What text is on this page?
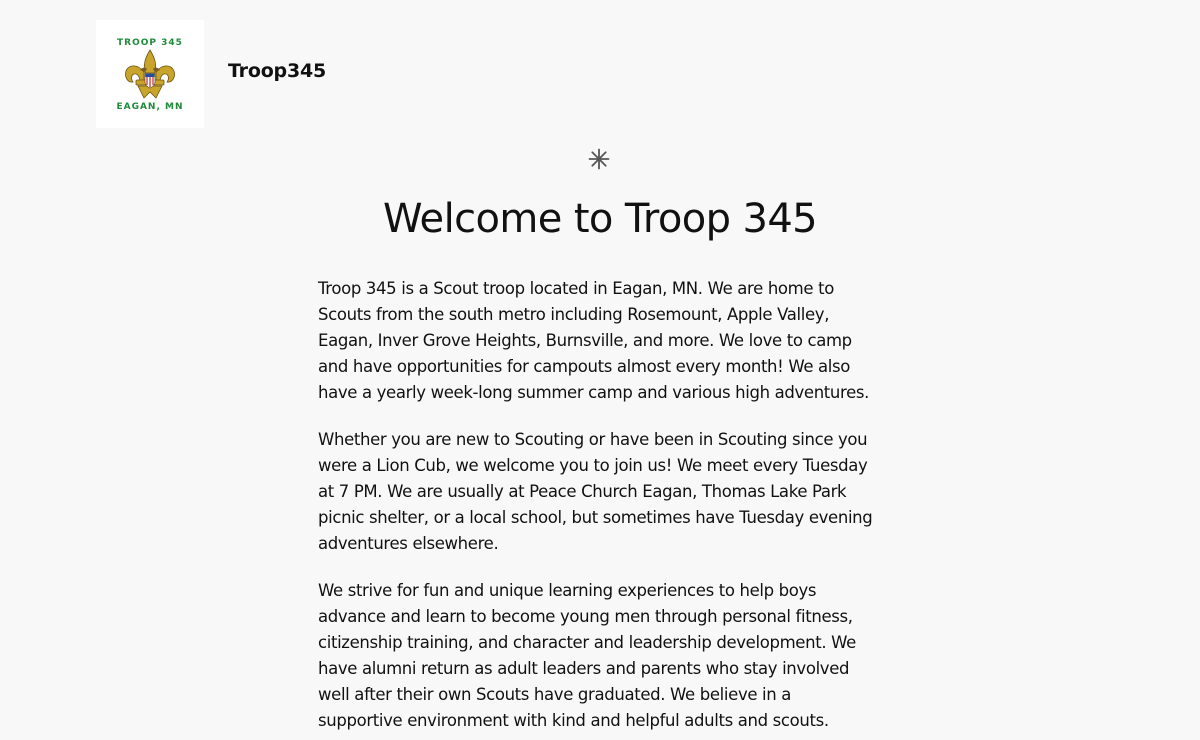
TROOP 345
EAGAN, MN
Troop345
Welcome to Troop 345

Troop 345 is a Scout troop located in Eagan, MN. We are home to
Scouts from the south metro including Rosemount, Apple Valley,
Eagan, Inver Grove Heights, Burnsville, and more. We love to camp
and have opportunities for campouts almost every month! We also
have a yearly week-long summer camp and various high adventures.

Whether you are new to Scouting or have been in Scouting since you
were a Lion Cub, we welcome you to join us! We meet every Tuesday
at 7 PM. We are usually at Peace Church Eagan, Thomas Lake Park
picnic shelter, or a local school, but sometimes have Tuesday evening
adventures elsewhere.

We strive for fun and unique learning experiences to help boys
advance and learn to become young men through personal fitness,
citizenship training, and character and leadership development. We
have alumni return as adult leaders and parents who stay involved
well after their own Scouts have graduated. We believe in a
supportive environment with kind and helpful adults and scouts.
